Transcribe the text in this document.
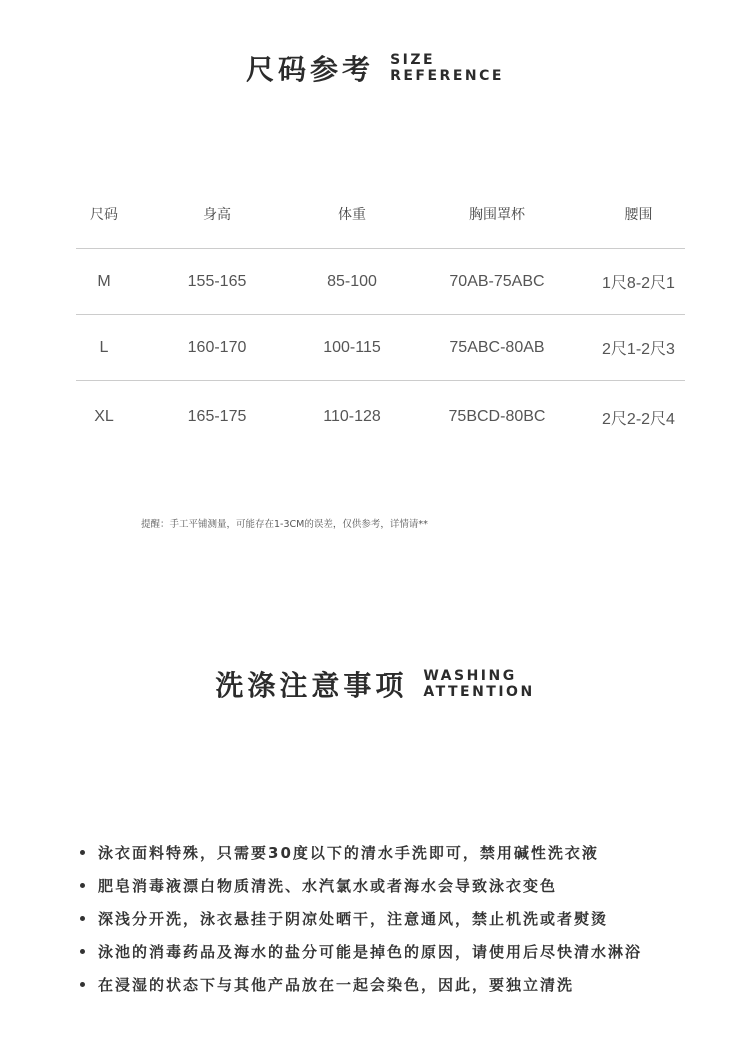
尺码参考 SIZE
REFERENCE
尺码	身高	体重	胸围罩杯	腰围
M	155-165	85-100	70AB-75ABC	1尺8-2尺1
L	160-170	100-115	75ABC-80AB	2尺1-2尺3
XL	165-175	110-128	75BCD-80BC	2尺2-2尺4
提醒：手工平铺测量，可能存在1-3CM的误差，仅供参考，详情请**
洗涤注意事项 WASHING
ATTENTION
泳衣面料特殊，只需要30度以下的清水手洗即可，禁用碱性洗衣液
肥皂消毒液漂白物质清洗、水汽氯水或者海水会导致泳衣变色
深浅分开洗，泳衣悬挂于阴凉处晒干，注意通风，禁止机洗或者熨烫
泳池的消毒药品及海水的盐分可能是掉色的原因，请使用后尽快清水淋浴
在浸湿的状态下与其他产品放在一起会染色，因此，要独立清洗
